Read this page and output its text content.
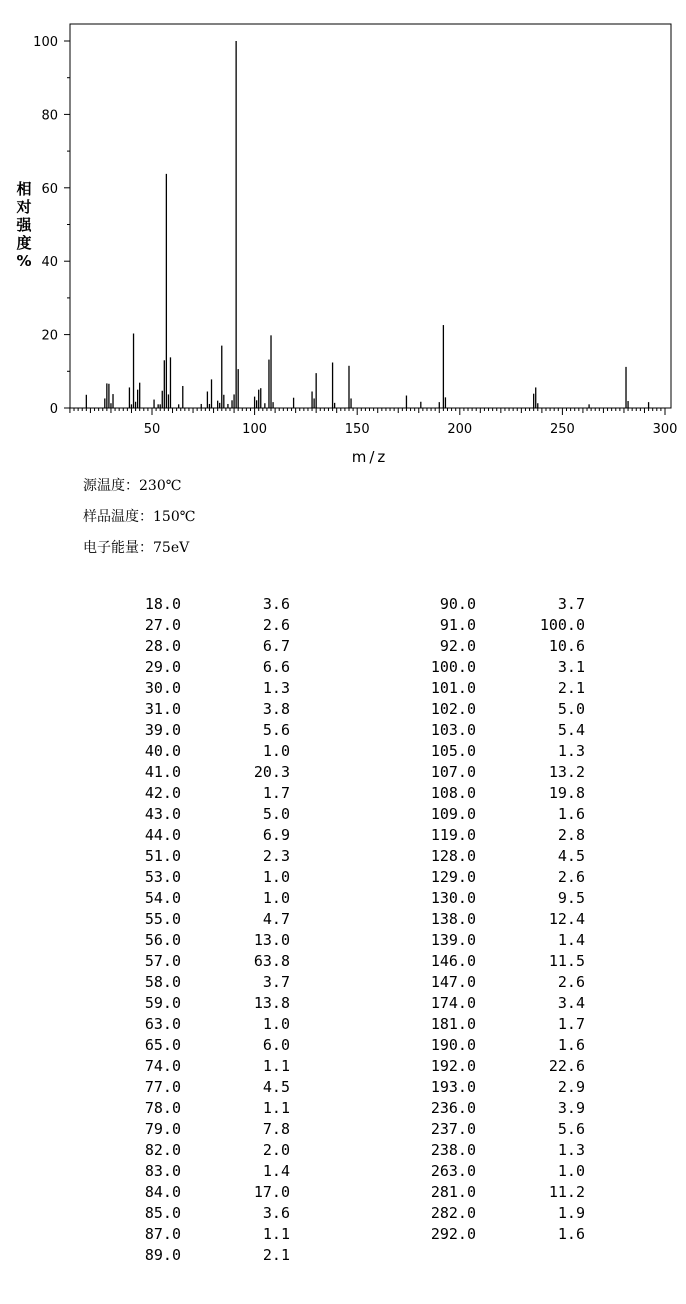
0
20
40
60
80
100
50	100	150	200	250	300
相
对
强
度
%
m/z
源温度：230℃
样品温度：150℃
电子能量：75eV
18.0	3.6
27.0	2.6
28.0	6.7
29.0	6.6
30.0	1.3
31.0	3.8
39.0	5.6
40.0	1.0
41.0	20.3
42.0	1.7
43.0	5.0
44.0	6.9
51.0	2.3
53.0	1.0
54.0	1.0
55.0	4.7
56.0	13.0
57.0	63.8
58.0	3.7
59.0	13.8
63.0	1.0
65.0	6.0
74.0	1.1
77.0	4.5
78.0	1.1
79.0	7.8
82.0	2.0
83.0	1.4
84.0	17.0
85.0	3.6
87.0	1.1
89.0	2.1
90.0	3.7
91.0	100.0
92.0	10.6
100.0	3.1
101.0	2.1
102.0	5.0
103.0	5.4
105.0	1.3
107.0	13.2
108.0	19.8
109.0	1.6
119.0	2.8
128.0	4.5
129.0	2.6
130.0	9.5
138.0	12.4
139.0	1.4
146.0	11.5
147.0	2.6
174.0	3.4
181.0	1.7
190.0	1.6
192.0	22.6
193.0	2.9
236.0	3.9
237.0	5.6
238.0	1.3
263.0	1.0
281.0	11.2
282.0	1.9
292.0	1.6
